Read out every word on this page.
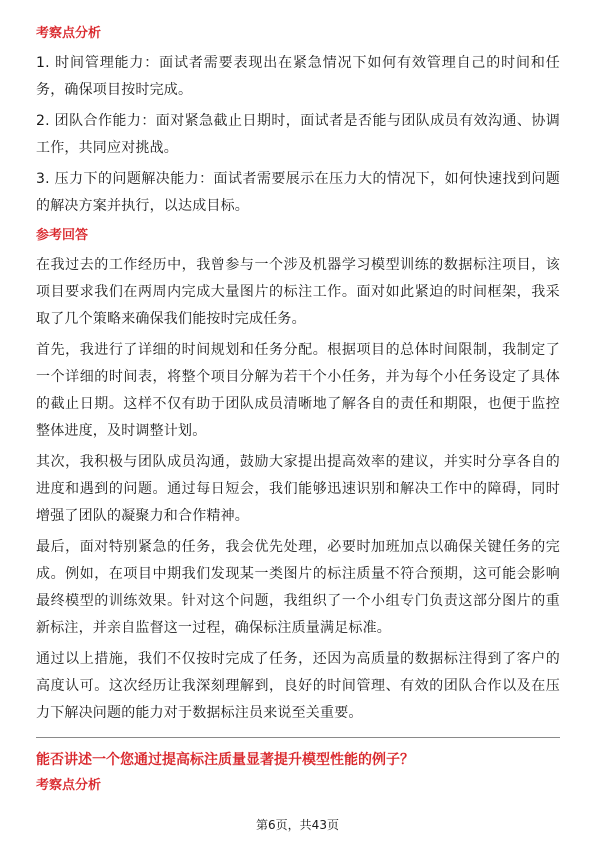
考察点分析

1. 时间管理能力：面试者需要表现出在紧急情况下如何有效管理自己的时间和任务，确保项目按时完成。

2. 团队合作能力：面对紧急截止日期时，面试者是否能与团队成员有效沟通、协调工作，共同应对挑战。

3. 压力下的问题解决能力：面试者需要展示在压力大的情况下，如何快速找到问题的解决方案并执行，以达成目标。

参考回答

在我过去的工作经历中，我曾参与一个涉及机器学习模型训练的数据标注项目，该项目要求我们在两周内完成大量图片的标注工作。面对如此紧迫的时间框架，我采取了几个策略来确保我们能按时完成任务。

首先，我进行了详细的时间规划和任务分配。根据项目的总体时间限制，我制定了一个详细的时间表，将整个项目分解为若干个小任务，并为每个小任务设定了具体的截止日期。这样不仅有助于团队成员清晰地了解各自的责任和期限，也便于监控整体进度，及时调整计划。

其次，我积极与团队成员沟通，鼓励大家提出提高效率的建议，并实时分享各自的进度和遇到的问题。通过每日短会，我们能够迅速识别和解决工作中的障碍，同时增强了团队的凝聚力和合作精神。

最后，面对特别紧急的任务，我会优先处理，必要时加班加点以确保关键任务的完成。例如，在项目中期我们发现某一类图片的标注质量不符合预期，这可能会影响最终模型的训练效果。针对这个问题，我组织了一个小组专门负责这部分图片的重新标注，并亲自监督这一过程，确保标注质量满足标准。

通过以上措施，我们不仅按时完成了任务，还因为高质量的数据标注得到了客户的高度认可。这次经历让我深刻理解到，良好的时间管理、有效的团队合作以及在压力下解决问题的能力对于数据标注员来说至关重要。

能否讲述一个您通过提高标注质量显著提升模型性能的例子？

考察点分析
第6页，共43页
